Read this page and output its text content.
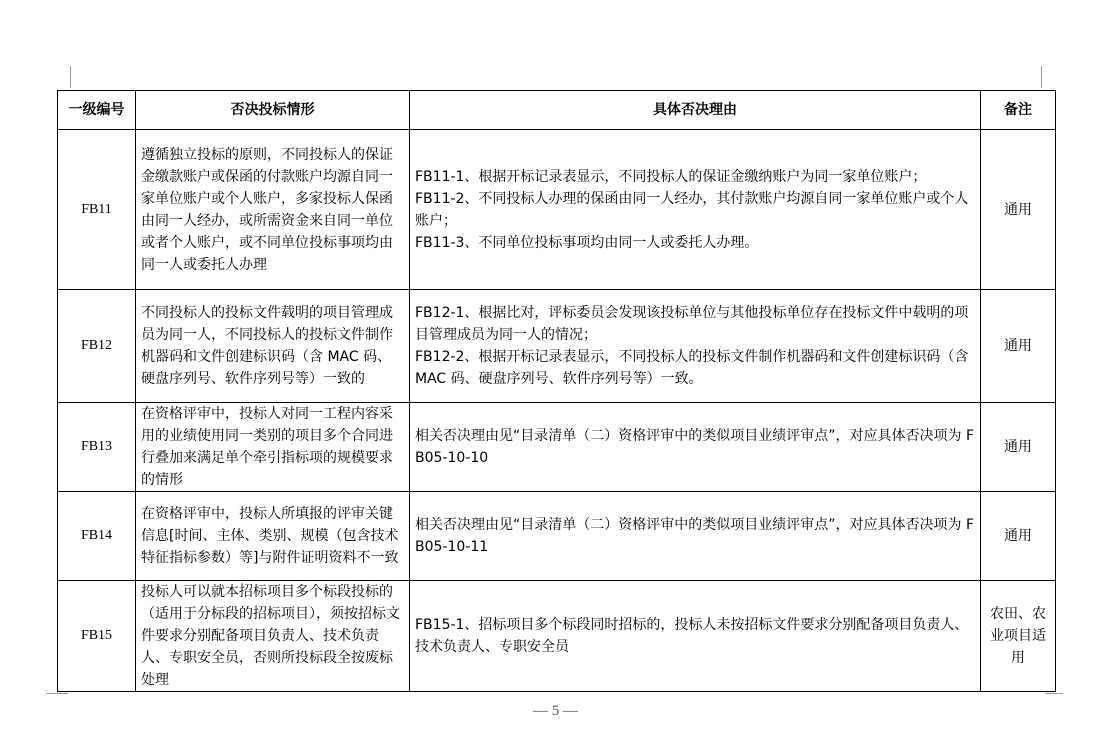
一级编号	否决投标情形	具体否决理由	备注
FB11	遵循独立投标的原则，不同投标人的保证金缴款账户或保函的付款账户均源自同一家单位账户或个人账户，多家投标人保函由同一人经办，或所需资金来自同一单位或者个人账户，或不同单位投标事项均由同一人或委托人办理	FB11-1、根据开标记录表显示，不同投标人的保证金缴纳账户为同一家单位账户；
FB11-2、不同投标人办理的保函由同一人经办，其付款账户均源自同一家单位账户或个人账户；
FB11-3、不同单位投标事项均由同一人或委托人办理。	通用
FB12	不同投标人的投标文件载明的项目管理成员为同一人，不同投标人的投标文件制作机器码和文件创建标识码（含 MAC 码、硬盘序列号、软件序列号等）一致的	FB12-1、根据比对，评标委员会发现该投标单位与其他投标单位存在投标文件中载明的项目管理成员为同一人的情况；
FB12-2、根据开标记录表显示，不同投标人的投标文件制作机器码和文件创建标识码（含 MAC 码、硬盘序列号、软件序列号等）一致。	通用
FB13	在资格评审中，投标人对同一工程内容采用的业绩使用同一类别的项目多个合同进行叠加来满足单个牵引指标项的规模要求的情形	相关否决理由见“目录清单（二）资格评审中的类似项目业绩评审点”，对应具体否决项为 FB05-10-10	通用
FB14	在资格评审中，投标人所填报的评审关键信息[时间、主体、类别、规模（包含技术特征指标参数）等]与附件证明资料不一致	相关否决理由见“目录清单（二）资格评审中的类似项目业绩评审点”，对应具体否决项为 FB05-10-11	通用
FB15	投标人可以就本招标项目多个标段投标的（适用于分标段的招标项目），须按招标文件要求分别配备项目负责人、技术负责人、专职安全员，否则所投标段全按废标处理	FB15-1、招标项目多个标段同时招标的，投标人未按招标文件要求分别配备项目负责人、技术负责人、专职安全员	农田、农业项目适用
— 5 —
